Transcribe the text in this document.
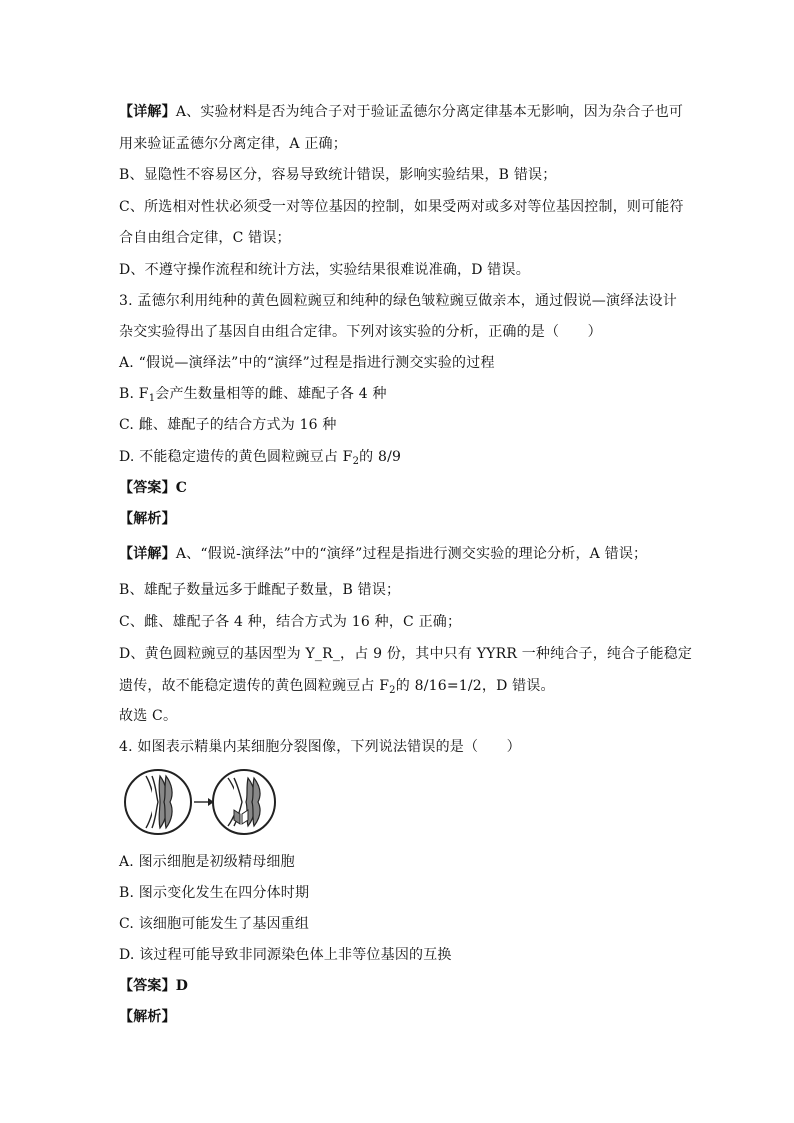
【详解】A、实验材料是否为纯合子对于验证孟德尔分离定律基本无影响，因为杂合子也可
用来验证孟德尔分离定律，A 正确；
B、显隐性不容易区分，容易导致统计错误，影响实验结果，B 错误；
C、所选相对性状必须受一对等位基因的控制，如果受两对或多对等位基因控制，则可能符
合自由组合定律，C 错误；
D、不遵守操作流程和统计方法，实验结果很难说准确，D 错误。
3. 孟德尔利用纯种的黄色圆粒豌豆和纯种的绿色皱粒豌豆做亲本，通过假说—演绎法设计
杂交实验得出了基因自由组合定律。下列对该实验的分析，正确的是（　　）
A. “假说—演绎法”中的“演绎”过程是指进行测交实验的过程
B. $F_1$会产生数量相等的雌、雄配子各 4 种
C. 雌、雄配子的结合方式为 16 种
D. 不能稳定遗传的黄色圆粒豌豆占 $F_2$的 8/9
【答案】C
【解析】
【详解】A、“假说-演绎法”中的“演绎”过程是指进行测交实验的理论分析，A 错误；
B、雄配子数量远多于雌配子数量，B 错误；
C、雌、雄配子各 4 种，结合方式为 16 种，C 正确；
D、黄色圆粒豌豆的基因型为 Y_R_，占 9 份，其中只有 YYRR 一种纯合子，纯合子能稳定
遗传，故不能稳定遗传的黄色圆粒豌豆占 $F_2$的 8/16=1/2，D 错误。
故选 C。
4. 如图表示精巢内某细胞分裂图像，下列说法错误的是（　　）
A. 图示细胞是初级精母细胞
B. 图示变化发生在四分体时期
C. 该细胞可能发生了基因重组
D. 该过程可能导致非同源染色体上非等位基因的互换
【答案】D
【解析】
